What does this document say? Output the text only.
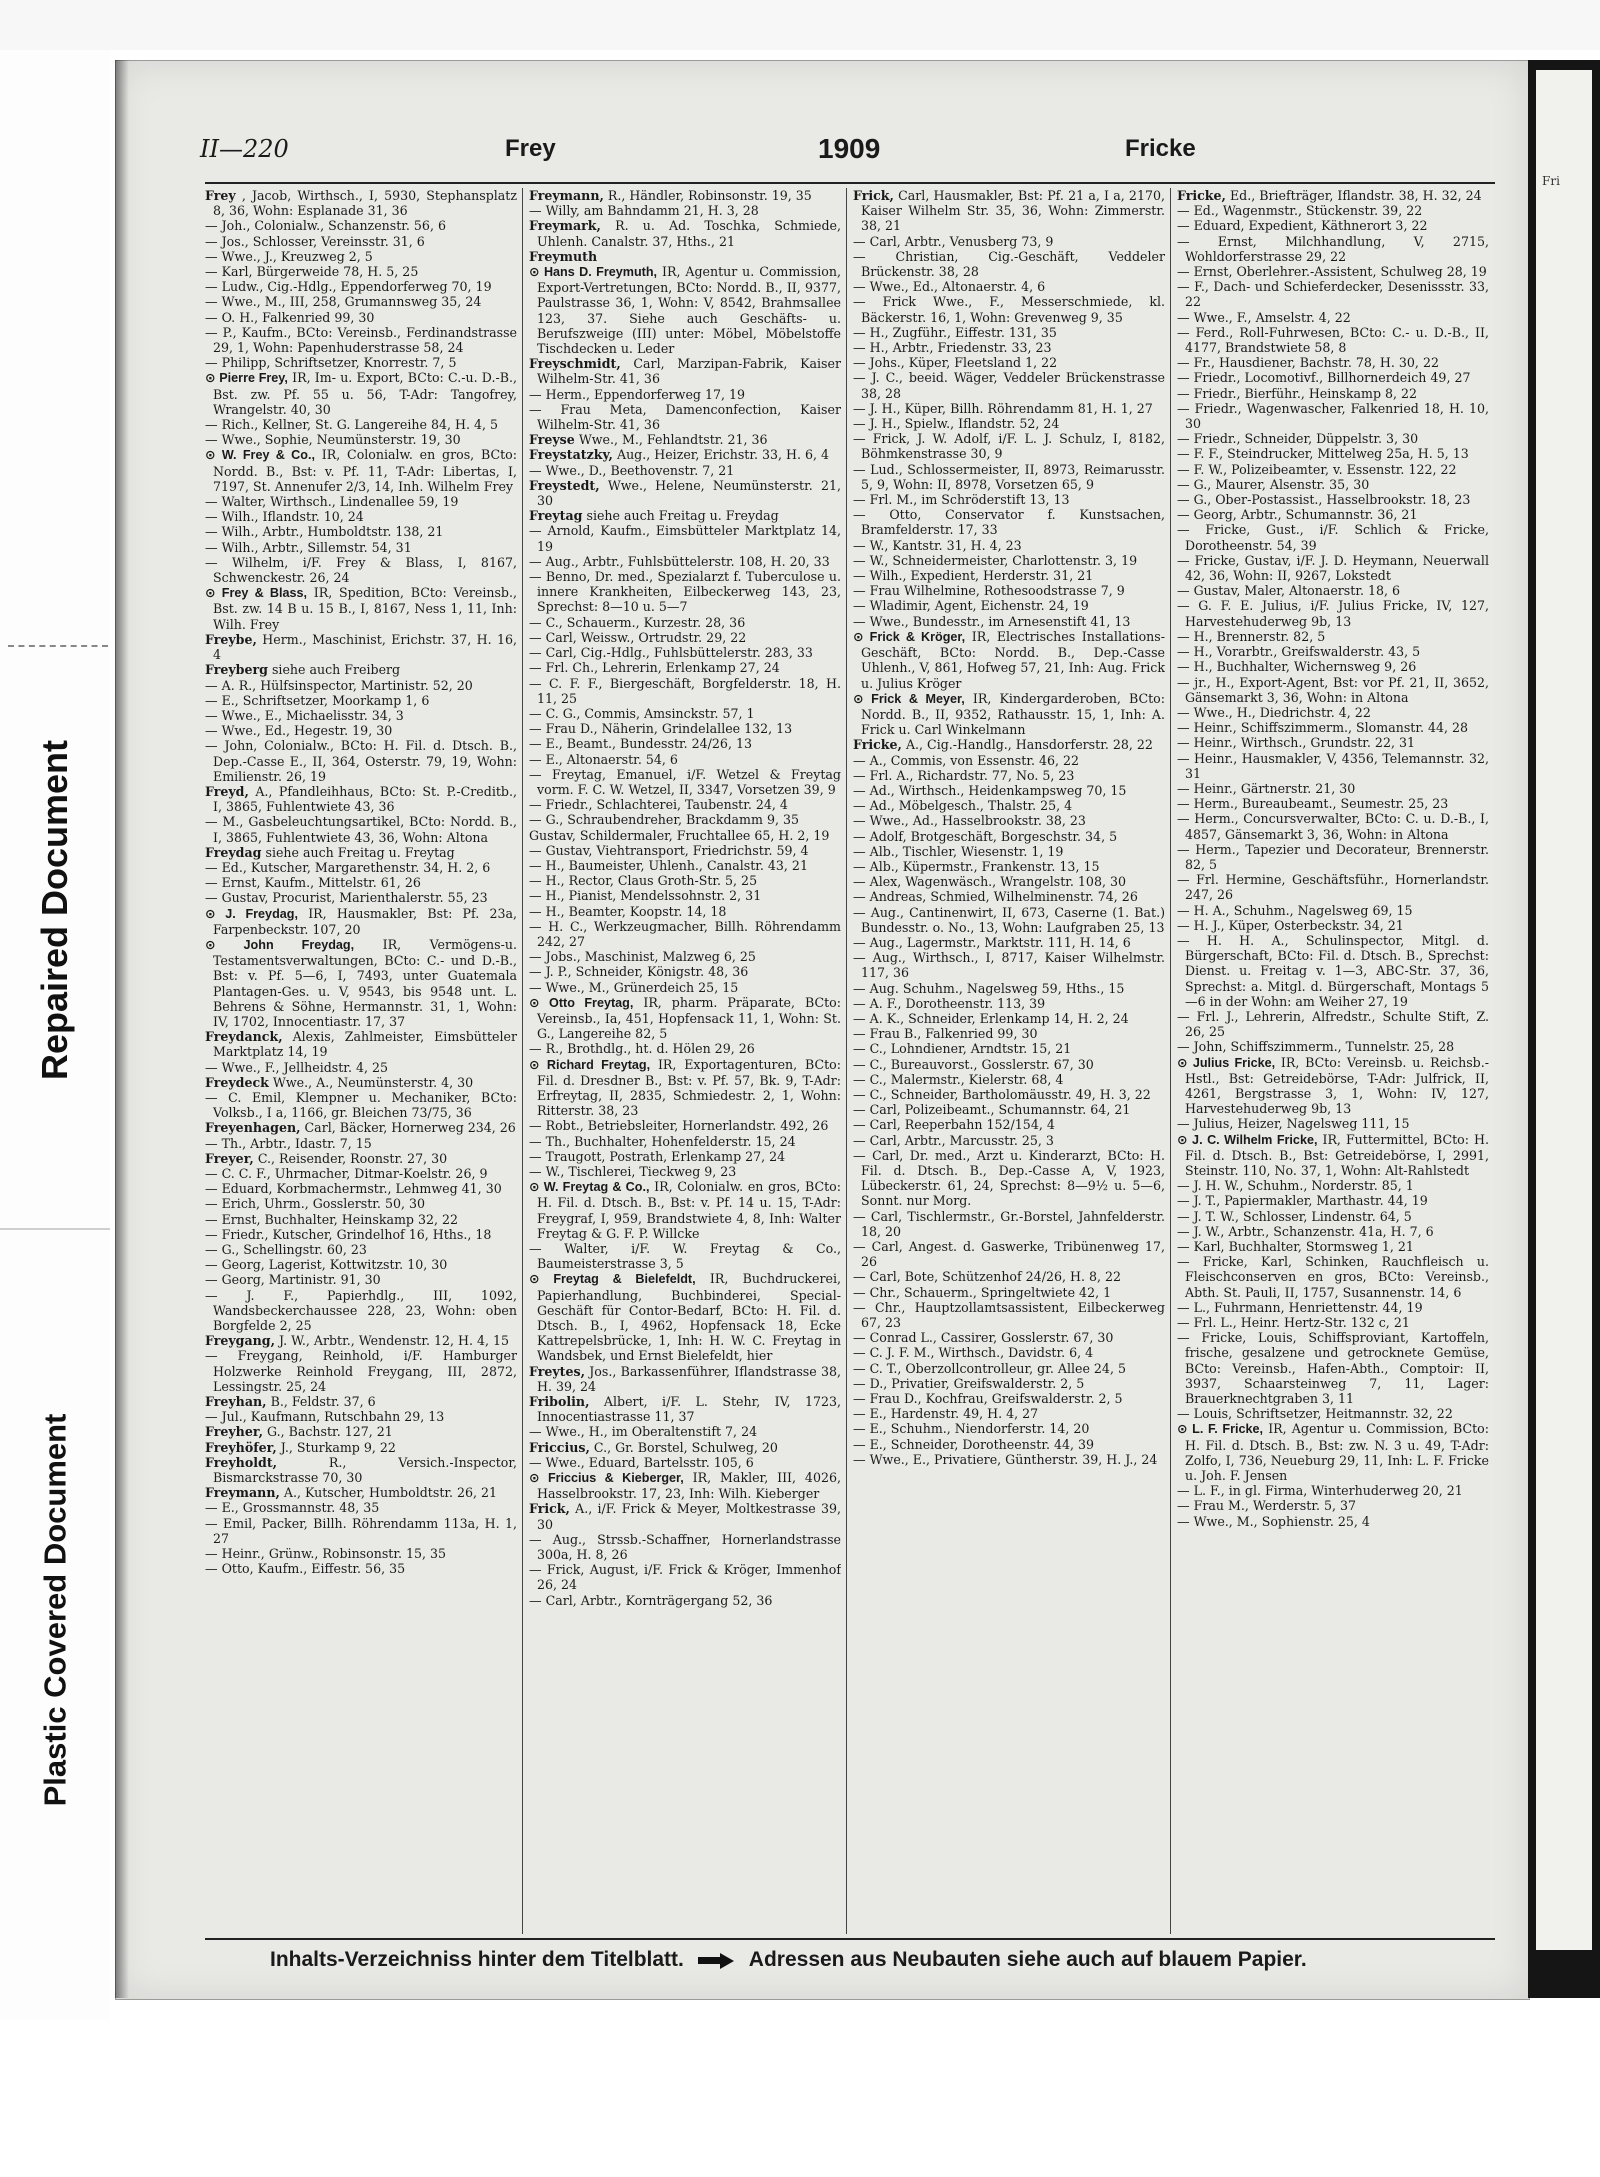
Repaired Document
Plastic Covered Document
Fri
II—220	Frey	1909	Fricke
Frey , Jacob, Wirthsch., I, 5930, Stephansplatz 8, 36, Wohn: Esplanade 31, 36
— Joh., Colonialw., Schanzenstr. 56, 6
— Jos., Schlosser, Vereinsstr. 31, 6
— Wwe., J., Kreuzweg 2, 5
— Karl, Bürgerweide 78, H. 5, 25
— Ludw., Cig.-Hdlg., Eppendorferweg 70, 19
— Wwe., M., III, 258, Grumannsweg 35, 24
— O. H., Falkenried 99, 30
— P., Kaufm., BCto: Vereinsb., Ferdinandstrasse 29, 1, Wohn: Papenhuderstrasse 58, 24
— Philipp, Schriftsetzer, Knorrestr. 7, 5
⊙ Pierre Frey, IR, Im- u. Export, BCto: C.-u. D.-B., Bst. zw. Pf. 55 u. 56, T-Adr: Tangofrey, Wrangelstr. 40, 30
— Rich., Kellner, St. G. Langereihe 84, H. 4, 5
— Wwe., Sophie, Neumünsterstr. 19, 30
⊙ W. Frey & Co., IR, Colonialw. en gros, BCto: Nordd. B., Bst: v. Pf. 11, T-Adr: Libertas, I, 7197, St. Annenufer 2/3, 14, Inh. Wilhelm Frey
— Walter, Wirthsch., Lindenallee 59, 19
— Wilh., Iflandstr. 10, 24
— Wilh., Arbtr., Humboldtstr. 138, 21
— Wilh., Arbtr., Sillemstr. 54, 31
— Wilhelm, i/F. Frey & Blass, I, 8167, Schwenckestr. 26, 24
⊙ Frey & Blass, IR, Spedition, BCto: Vereinsb., Bst. zw. 14 B u. 15 B., I, 8167, Ness 1, 11, Inh: Wilh. Frey
Freybe, Herm., Maschinist, Erichstr. 37, H. 16, 4
Freyberg siehe auch Freiberg
— A. R., Hülfsinspector, Martinistr. 52, 20
— E., Schriftsetzer, Moorkamp 1, 6
— Wwe., E., Michaelisstr. 34, 3
— Wwe., Ed., Hegestr. 19, 30
— John, Colonialw., BCto: H. Fil. d. Dtsch. B., Dep.-Casse E., II, 364, Osterstr. 79, 19, Wohn: Emilienstr. 26, 19
Freyd, A., Pfandleihhaus, BCto: St. P.-Creditb., I, 3865, Fuhlentwiete 43, 36
— M., Gasbeleuchtungsartikel, BCto: Nordd. B., I, 3865, Fuhlentwiete 43, 36, Wohn: Altona
Freydag siehe auch Freitag u. Freytag
— Ed., Kutscher, Margarethenstr. 34, H. 2, 6
— Ernst, Kaufm., Mittelstr. 61, 26
— Gustav, Procurist, Marienthalerstr. 55, 23
⊙ J. Freydag, IR, Hausmakler, Bst: Pf. 23a, Farpenbeckstr. 107, 20
⊙ John Freydag, IR, Vermögens-u. Testamentsverwaltungen, BCto: C.- und D.-B., Bst: v. Pf. 5—6, I, 7493, unter Guatemala Plantagen-Ges. u. V, 9543, bis 9548 unt. L. Behrens & Söhne, Hermannstr. 31, 1, Wohn: IV, 1702, Innocentiastr. 17, 37
Freydanck, Alexis, Zahlmeister, Eimsbütteler Marktplatz 14, 19
— Wwe., F., Jellheidstr. 4, 25
Freydeck Wwe., A., Neumünsterstr. 4, 30
— C. Emil, Klempner u. Mechaniker, BCto: Volksb., I a, 1166, gr. Bleichen 73/75, 36
Freyenhagen, Carl, Bäcker, Hornerweg 234, 26
— Th., Arbtr., Idastr. 7, 15
Freyer, C., Reisender, Roonstr. 27, 30
— C. C. F., Uhrmacher, Ditmar-Koelstr. 26, 9
— Eduard, Korbmachermstr., Lehmweg 41, 30
— Erich, Uhrm., Gosslerstr. 50, 30
— Ernst, Buchhalter, Heinskamp 32, 22
— Friedr., Kutscher, Grindelhof 16, Hths., 18
— G., Schellingstr. 60, 23
— Georg, Lagerist, Kottwitzstr. 10, 30
— Georg, Martinistr. 91, 30
— J. F., Papierhdlg., III, 1092, Wandsbeckerchaussee 228, 23, Wohn: oben Borgfelde 2, 25
Freygang, J. W., Arbtr., Wendenstr. 12, H. 4, 15
— Freygang, Reinhold, i/F. Hamburger Holzwerke Reinhold Freygang, III, 2872, Lessingstr. 25, 24
Freyhan, B., Feldstr. 37, 6
— Jul., Kaufmann, Rutschbahn 29, 13
Freyher, G., Bachstr. 127, 21
Freyhöfer, J., Sturkamp 9, 22
Freyholdt,	R., Versich.-Inspector, Bismarckstrasse 70, 30
Freymann, A., Kutscher, Humboldtstr. 26, 21
— E., Grossmannstr. 48, 35
— Emil, Packer, Billh. Röhrendamm 113a, H. 1, 27
— Heinr., Grünw., Robinsonstr. 15, 35
— Otto, Kaufm., Eiffestr. 56, 35
Freymann, R., Händler, Robinsonstr. 19, 35
— Willy, am Bahndamm 21, H. 3, 28
Freymark, R. u. Ad. Toschka, Schmiede, Uhlenh. Canalstr. 37, Hths., 21
Freymuth
⊙ Hans D. Freymuth, IR, Agentur u. Commission, Export-Vertretungen, BCto: Nordd. B., II, 9377, Paulstrasse 36, 1, Wohn: V, 8542, Brahmsallee 123, 37. Siehe auch Geschäfts- u. Berufszweige (III) unter: Möbel, Möbelstoffe Tischdecken u. Leder
Freyschmidt, Carl, Marzipan-Fabrik, Kaiser Wilhelm-Str. 41, 36
— Herm., Eppendorferweg 17, 19
— Frau Meta, Damenconfection, Kaiser Wilhelm-Str. 41, 36
Freyse Wwe., M., Fehlandtstr. 21, 36
Freystatzky, Aug., Heizer, Erichstr. 33, H. 6, 4
— Wwe., D., Beethovenstr. 7, 21
Freystedt, Wwe., Helene, Neumünsterstr. 21, 30
Freytag siehe auch Freitag u. Freydag
— Arnold, Kaufm., Eimsbütteler Marktplatz 14, 19
— Aug., Arbtr., Fuhlsbüttelerstr. 108, H. 20, 33
— Benno, Dr. med., Spezialarzt f. Tuberculose u. innere Krankheiten, Eilbeckerweg 143, 23, Sprechst: 8—10 u. 5—7
— C., Schauerm., Kurzestr. 28, 36
— Carl, Weissw., Ortrudstr. 29, 22
— Carl, Cig.-Hdlg., Fuhlsbüttelerstr. 283, 33
— Frl. Ch., Lehrerin, Erlenkamp 27, 24
— C. F. F., Biergeschäft, Borgfelderstr. 18, H. 11, 25
— C. G., Commis, Amsinckstr. 57, 1
— Frau D., Näherin, Grindelallee 132, 13
— E., Beamt., Bundesstr. 24/26, 13
— E., Altonaerstr. 54, 6
— Freytag, Emanuel, i/F. Wetzel & Freytag vorm. F. C. W. Wetzel, II, 3347, Vorsetzen 39, 9
— Friedr., Schlachterei, Taubenstr. 24, 4
— G., Schraubendreher, Brackdamm 9, 35
Gustav, Schildermaler, Fruchtallee 65, H. 2, 19
— Gustav, Viehtransport, Friedrichstr. 59, 4
— H., Baumeister, Uhlenh., Canalstr. 43, 21
— H., Rector, Claus Groth-Str. 5, 25
— H., Pianist, Mendelssohnstr. 2, 31
— H., Beamter, Koopstr. 14, 18
— H. C., Werkzeugmacher, Billh. Röhrendamm 242, 27
— Jobs., Maschinist, Malzweg 6, 25
— J. P., Schneider, Königstr. 48, 36
— Wwe., M., Grünerdeich 25, 15
⊙ Otto Freytag, IR, pharm. Präparate, BCto: Vereinsb., Ia, 451, Hopfensack 11, 1, Wohn: St. G., Langereihe 82, 5
— R., Brothdlg., ht. d. Hölen 29, 26
⊙ Richard Freytag, IR, Exportagenturen, BCto: Fil. d. Dresdner B., Bst: v. Pf. 57, Bk. 9, T-Adr: Erfreytag, II, 2835, Schmiedestr. 2, 1, Wohn: Ritterstr. 38, 23
— Robt., Betriebsleiter, Hornerlandstr. 492, 26
— Th., Buchhalter, Hohenfelderstr. 15, 24
— Traugott, Postrath, Erlenkamp 27, 24
— W., Tischlerei, Tieckweg 9, 23
⊙ W. Freytag & Co., IR, Colonialw. en gros, BCto: H. Fil. d. Dtsch. B., Bst: v. Pf. 14 u. 15, T-Adr: Freygraf, I, 959, Brandstwiete 4, 8, Inh: Walter Freytag & G. F. P. Willcke
— Walter, i/F. W. Freytag & Co., Baumeisterstrasse 3, 5
⊙ Freytag & Bielefeldt, IR, Buchdruckerei, Papierhandlung, Buchbinderei, Special-Geschäft für Contor-Bedarf, BCto: H. Fil. d. Dtsch. B., I, 4962, Hopfensack 18, Ecke Kattrepelsbrücke, 1, Inh: H. W. C. Freytag in Wandsbek, und Ernst Bielefeldt, hier
Freytes, Jos., Barkassenführer, Iflandstrasse 38, H. 39, 24
Fribolin, Albert, i/F. L. Stehr, IV, 1723, Innocentiastrasse 11, 37
— Wwe., H., im Oberaltenstift 7, 24
Friccius, C., Gr. Borstel, Schulweg, 20
— Wwe., Eduard, Bartelsstr. 105, 6
⊙ Friccius & Kieberger, IR, Makler, III, 4026, Hasselbrookstr. 17, 23, Inh: Wilh. Kieberger
Frick, A., i/F. Frick & Meyer, Moltkestrasse 39, 30
— Aug., Strssb.-Schaffner, Hornerlandstrasse 300a, H. 8, 26
— Frick, August, i/F. Frick & Kröger, Immenhof 26, 24
— Carl, Arbtr., Kornträgergang 52, 36
Frick, Carl, Hausmakler, Bst: Pf. 21 a, I a, 2170, Kaiser Wilhelm Str. 35, 36, Wohn: Zimmerstr. 38, 21
— Carl, Arbtr., Venusberg 73, 9
— Christian, Cig.-Geschäft, Veddeler Brückenstr. 38, 28
— Wwe., Ed., Altonaerstr. 4, 6
— Frick Wwe., F., Messerschmiede, kl. Bäckerstr. 16, 1, Wohn: Grevenweg 9, 35
— H., Zugführ., Eiffestr. 131, 35
— H., Arbtr., Friedenstr. 33, 23
— Johs., Küper, Fleetsland 1, 22
— J. C., beeid. Wäger, Veddeler Brückenstrasse 38, 28
— J. H., Küper, Billh. Röhrendamm 81, H. 1, 27
— J. H., Spielw., Iflandstr. 52, 24
— Frick, J. W. Adolf, i/F. L. J. Schulz, I, 8182, Böhmkenstrasse 30, 9
— Lud., Schlossermeister, II, 8973, Reimarusstr. 5, 9, Wohn: II, 8978, Vorsetzen 65, 9
— Frl. M., im Schröderstift 13, 13
— Otto, Conservator f. Kunstsachen, Bramfelderstr. 17, 33
— W., Kantstr. 31, H. 4, 23
— W., Schneidermeister, Charlottenstr. 3, 19
— Wilh., Expedient, Herderstr. 31, 21
— Frau Wilhelmine, Rothesoodstrasse 7, 9
— Wladimir, Agent, Eichenstr. 24, 19
— Wwe., Bundesstr., im Arnesenstift 41, 13
⊙ Frick & Kröger, IR, Electrisches Installations-Geschäft, BCto: Nordd. B., Dep.-Casse Uhlenh., V, 861, Hofweg 57, 21, Inh: Aug. Frick u. Julius Kröger
⊙ Frick & Meyer, IR, Kindergarderoben, BCto: Nordd. B., II, 9352, Rathausstr. 15, 1, Inh: A. Frick u. Carl Winkelmann
Fricke, A., Cig.-Handlg., Hansdorferstr. 28, 22
— A., Commis, von Essenstr. 46, 22
— Frl. A., Richardstr. 77, No. 5, 23
— Ad., Wirthsch., Heidenkampsweg 70, 15
— Ad., Möbelgesch., Thalstr. 25, 4
— Wwe., Ad., Hasselbrookstr. 38, 23
— Adolf, Brotgeschäft, Borgeschstr. 34, 5
— Alb., Tischler, Wiesenstr. 1, 19
— Alb., Küpermstr., Frankenstr. 13, 15
— Alex, Wagenwäsch., Wrangelstr. 108, 30
— Andreas, Schmied, Wilhelminenstr. 74, 26
— Aug., Cantinenwirt, II, 673, Caserne (1. Bat.) Bundesstr. o. No., 13, Wohn: Laufgraben 25, 13
— Aug., Lagermstr., Marktstr. 111, H. 14, 6
— Aug., Wirthsch., I, 8717, Kaiser Wilhelmstr. 117, 36
— Aug. Schuhm., Nagelsweg 59, Hths., 15
— A. F., Dorotheenstr. 113, 39
— A. K., Schneider, Erlenkamp 14, H. 2, 24
— Frau B., Falkenried 99, 30
— C., Lohndiener, Arndtstr. 15, 21
— C., Bureauvorst., Gosslerstr. 67, 30
— C., Malermstr., Kielerstr. 68, 4
— C., Schneider, Bartholomäusstr. 49, H. 3, 22
— Carl, Polizeibeamt., Schumannstr. 64, 21
— Carl, Reeperbahn 152/154, 4
— Carl, Arbtr., Marcusstr. 25, 3
— Carl, Dr. med., Arzt u. Kinderarzt, BCto: H. Fil. d. Dtsch. B., Dep.-Casse A, V, 1923, Lübeckerstr. 61, 24, Sprechst: 8—9½ u. 5—6, Sonnt. nur Morg.
— Carl, Tischlermstr., Gr.-Borstel, Jahnfelderstr. 18, 20
— Carl, Angest. d. Gaswerke, Tribünenweg 17, 26
— Carl, Bote, Schützenhof 24/26, H. 8, 22
— Chr., Schauerm., Springeltwiete 42, 1
— Chr., Hauptzollamtsassistent, Eilbeckerweg 67, 23
— Conrad L., Cassirer, Gosslerstr. 67, 30
— C. J. F. M., Wirthsch., Davidstr. 6, 4
— C. T., Oberzollcontrolleur, gr. Allee 24, 5
— D., Privatier, Greifswalderstr. 2, 5
— Frau D., Kochfrau, Greifswalderstr. 2, 5
— E., Hardenstr. 49, H. 4, 27
— E., Schuhm., Niendorferstr. 14, 20
— E., Schneider, Dorotheenstr. 44, 39
— Wwe., E., Privatiere, Güntherstr. 39, H. J., 24
Fricke, Ed., Briefträger, Iflandstr. 38, H. 32, 24
— Ed., Wagenmstr., Stückenstr. 39, 22
— Eduard, Expedient, Käthnerort 3, 22
— Ernst, Milchhandlung, V, 2715, Wohldorferstrasse 29, 22
— Ernst, Oberlehrer.-Assistent, Schulweg 28, 19
— F., Dach- und Schieferdecker, Desenissstr. 33, 22
— Wwe., F., Amselstr. 4, 22
— Ferd., Roll-Fuhrwesen, BCto: C.- u. D.-B., II, 4177, Brandstwiete 58, 8
— Fr., Hausdiener, Bachstr. 78, H. 30, 22
— Friedr., Locomotivf., Billhornerdeich 49, 27
— Friedr., Bierführ., Heinskamp 8, 22
— Friedr., Wagenwascher, Falkenried 18, H. 10, 30
— Friedr., Schneider, Düppelstr. 3, 30
— F. F., Steindrucker, Mittelweg 25a, H. 5, 13
— F. W., Polizeibeamter, v. Essenstr. 122, 22
— G., Maurer, Alsenstr. 35, 30
— G., Ober-Postassist., Hasselbrookstr. 18, 23
— Georg, Arbtr., Schumannstr. 36, 21
— Fricke, Gust., i/F. Schlich & Fricke, Dorotheenstr. 54, 39
— Fricke, Gustav, i/F. J. D. Heymann, Neuerwall 42, 36, Wohn: II, 9267, Lokstedt
— Gustav, Maler, Altonaerstr. 18, 6
— G. F. E. Julius, i/F. Julius Fricke, IV, 127, Harvestehuderweg 9b, 13
— H., Brennerstr. 82, 5
— H., Vorarbtr., Greifswalderstr. 43, 5
— H., Buchhalter, Wichernsweg 9, 26
— jr., H., Export-Agent, Bst: vor Pf. 21, II, 3652, Gänsemarkt 3, 36, Wohn: in Altona
— Wwe., H., Diedrichstr. 4, 22
— Heinr., Schiffszimmerm., Slomanstr. 44, 28
— Heinr., Wirthsch., Grundstr. 22, 31
— Heinr., Hausmakler, V, 4356, Telemannstr. 32, 31
— Heinr., Gärtnerstr. 21, 30
— Herm., Bureaubeamt., Seumestr. 25, 23
— Herm., Concursverwalter, BCto: C. u. D.-B., I, 4857, Gänsemarkt 3, 36, Wohn: in Altona
— Herm., Tapezier und Decorateur, Brennerstr. 82, 5
— Frl. Hermine, Geschäftsführ., Hornerlandstr. 247, 26
— H. A., Schuhm., Nagelsweg 69, 15
— H. J., Küper, Osterbeckstr. 34, 21
— H. H. A., Schulinspector, Mitgl. d. Bürgerschaft, BCto: Fil. d. Dtsch. B., Sprechst: Dienst. u. Freitag v. 1—3, ABC-Str. 37, 36, Sprechst: a. Mitgl. d. Bürgerschaft, Montags 5—6 in der Wohn: am Weiher 27, 19
— Frl. J., Lehrerin, Alfredstr., Schulte Stift, Z. 26, 25
— John, Schiffszimmerm., Tunnelstr. 25, 28
⊙ Julius Fricke, IR, BCto: Vereinsb. u. Reichsb.-Hstl., Bst: Getreidebörse, T-Adr: Julfrick, II, 4261, Bergstrasse 3, 1, Wohn: IV, 127, Harvestehuderweg 9b, 13
— Julius, Heizer, Nagelsweg 111, 15
⊙ J. C. Wilhelm Fricke, IR, Futtermittel, BCto: H. Fil. d. Dtsch. B., Bst: Getreidebörse, I, 2991, Steinstr. 110, No. 37, 1, Wohn: Alt-Rahlstedt
— J. H. W., Schuhm., Norderstr. 85, 1
— J. T., Papiermakler, Marthastr. 44, 19
— J. T. W., Schlosser, Lindenstr. 64, 5
— J. W., Arbtr., Schanzenstr. 41a, H. 7, 6
— Karl, Buchhalter, Stormsweg 1, 21
— Fricke, Karl, Schinken, Rauchfleisch u. Fleischconserven en gros, BCto: Vereinsb., Abth. St. Pauli, II, 1757, Susannenstr. 14, 6
— L., Fuhrmann, Henriettenstr. 44, 19
— Frl. L., Heinr. Hertz-Str. 132 c, 21
— Fricke, Louis, Schiffsproviant, Kartoffeln, frische, gesalzene und getrocknete Gemüse, BCto: Vereinsb., Hafen-Abth., Comptoir: II, 3937, Schaarsteinweg 7, 11, Lager: Brauerknechtgraben 3, 11
— Louis, Schriftsetzer, Heitmannstr. 32, 22
⊙ L. F. Fricke, IR, Agentur u. Commission, BCto: H. Fil. d. Dtsch. B., Bst: zw. N. 3 u. 49, T-Adr: Zolfo, I, 736, Neueburg 29, 11, Inh: L. F. Fricke u. Joh. F. Jensen
— L. F., in gl. Firma, Winterhuderweg 20, 21
— Frau M., Werderstr. 5, 37
— Wwe., M., Sophienstr. 25, 4
Inhalts-Verzeichniss hinter dem Titelblatt.	Adressen aus Neubauten siehe auch auf blauem Papier.
